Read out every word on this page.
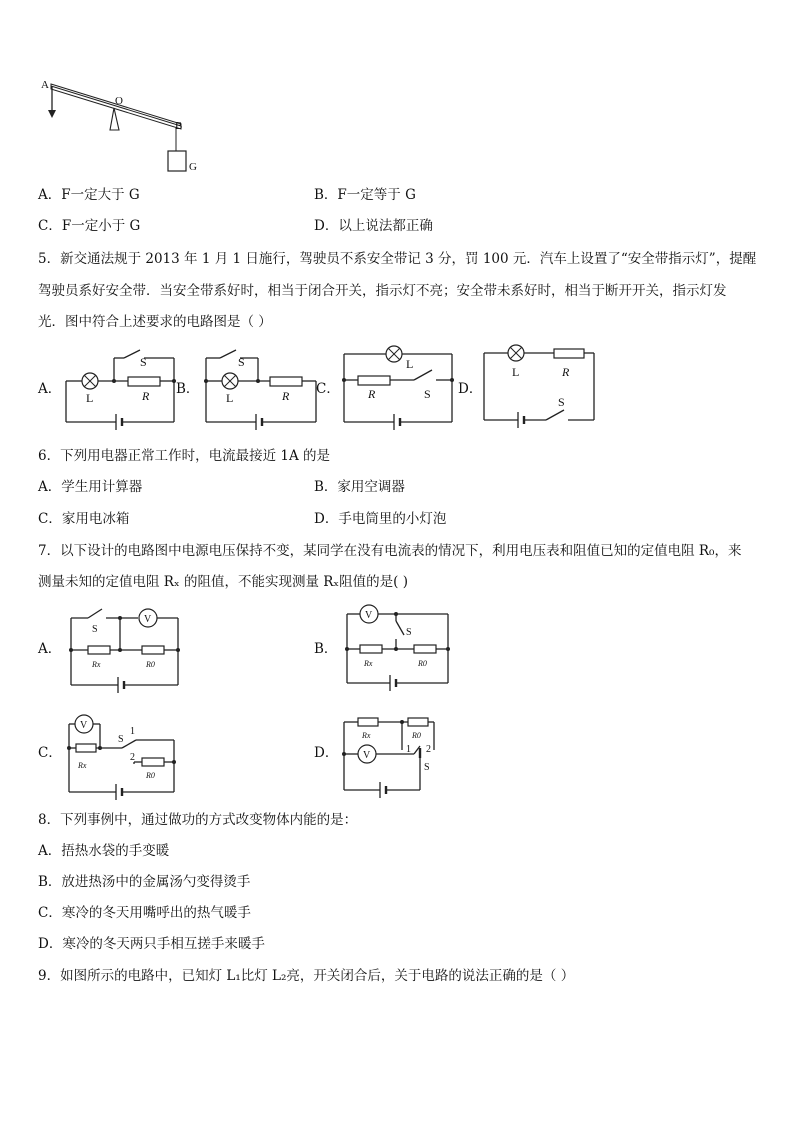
A
O
B
G
A．F一定大于 G	B．F一定等于 G
C．F一定小于 G	D．以上说法都正确
5．新交通法规于 2013 年 1 月 1 日施行，驾驶员不系安全带记 3 分，罚 100 元．汽车上设置了“安全带指示灯”，提醒
驾驶员系好安全带．当安全带系好时，相当于闭合开关，指示灯不亮；安全带未系好时，相当于断开开关，指示灯发
光．图中符合上述要求的电路图是（ ）
A．
S
L	R B．
S
L	R C．
L
R	S D．
L	R
S
6．下列用电器正常工作时，电流最接近 1A 的是
A．学生用计算器	B．家用空调器
C．家用电冰箱	D．手电筒里的小灯泡
7．以下设计的电路图中电源电压保持不变，某同学在没有电流表的情况下，利用电压表和阻值已知的定值电阻 R₀，来
测量未知的定值电阻 Rₓ 的阻值，不能实现测量 Rₓ阻值的是( )
A．
V
S
Rx	R0
B．
V
S
Rx	R0
C．
V
S
1
2
Rx
R0
D． V
Rx	R0
1 2
S
8．下列事例中，通过做功的方式改变物体内能的是：
A．捂热水袋的手变暖
B．放进热汤中的金属汤勺变得烫手
C．寒冷的冬天用嘴呼出的热气暖手
D．寒冷的冬天两只手相互搓手来暖手
9．如图所示的电路中，已知灯 L₁比灯 L₂亮，开关闭合后，关于电路的说法正确的是（ ）
